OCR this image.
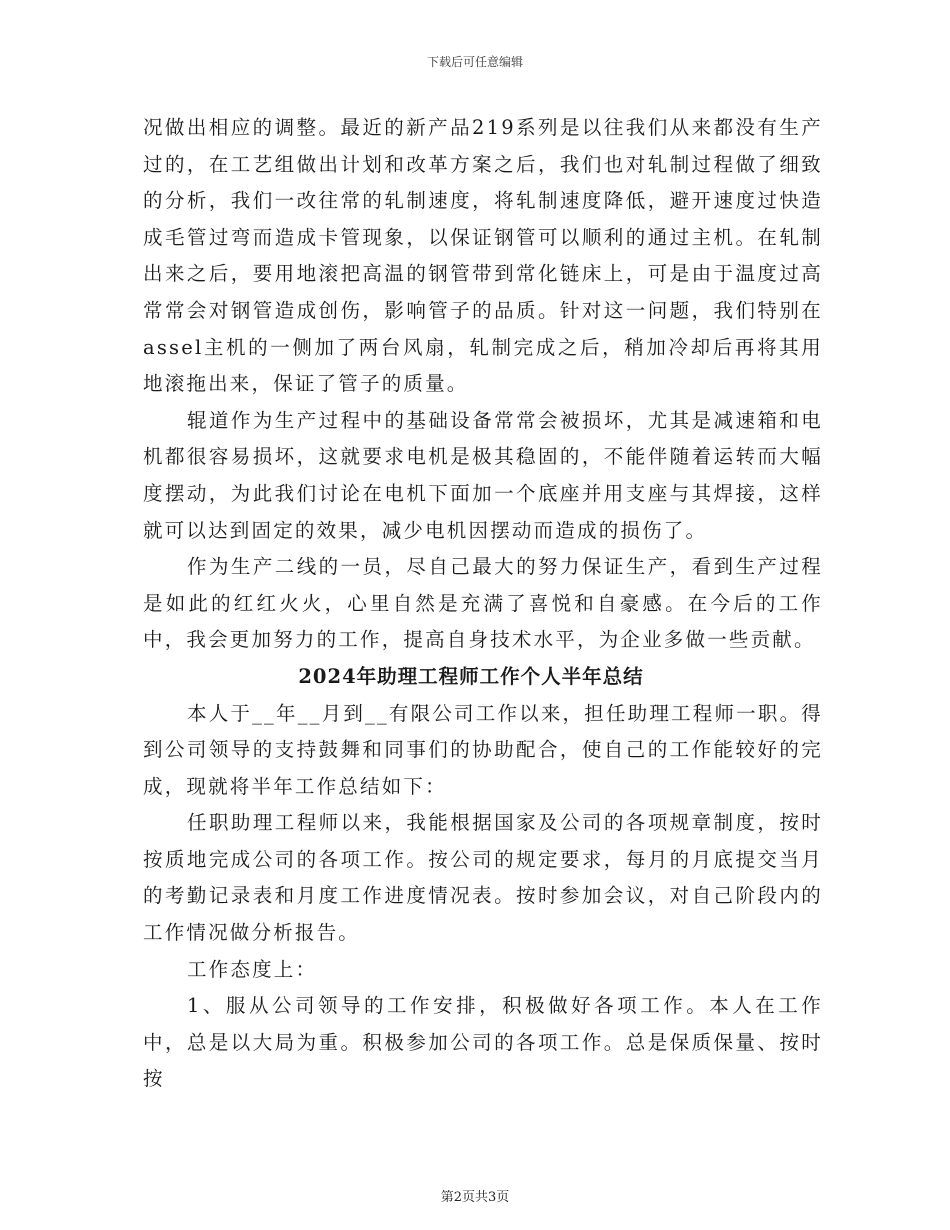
下载后可任意编辑

况做出相应的调整。最近的新产品219系列是以往我们从来都没有生产过的，在工艺组做出计划和改革方案之后，我们也对轧制过程做了细致的分析，我们一改往常的轧制速度，将轧制速度降低，避开速度过快造成毛管过弯而造成卡管现象，以保证钢管可以顺利的通过主机。在轧制出来之后，要用地滚把高温的钢管带到常化链床上，可是由于温度过高常常会对钢管造成创伤，影响管子的品质。针对这一问题，我们特别在assel主机的一侧加了两台风扇，轧制完成之后，稍加冷却后再将其用地滚拖出来，保证了管子的质量。

辊道作为生产过程中的基础设备常常会被损坏，尤其是减速箱和电机都很容易损坏，这就要求电机是极其稳固的，不能伴随着运转而大幅度摆动，为此我们讨论在电机下面加一个底座并用支座与其焊接，这样就可以达到固定的效果，减少电机因摆动而造成的损伤了。

作为生产二线的一员，尽自己最大的努力保证生产，看到生产过程是如此的红红火火，心里自然是充满了喜悦和自豪感。在今后的工作中，我会更加努力的工作，提高自身技术水平，为企业多做一些贡献。

2024年助理工程师工作个人半年总结

本人于__年__月到__有限公司工作以来，担任助理工程师一职。得到公司领导的支持鼓舞和同事们的协助配合，使自己的工作能较好的完成，现就将半年工作总结如下：

任职助理工程师以来，我能根据国家及公司的各项规章制度，按时按质地完成公司的各项工作。按公司的规定要求，每月的月底提交当月的考勤记录表和月度工作进度情况表。按时参加会议，对自己阶段内的工作情况做分析报告。

工作态度上：

1、服从公司领导的工作安排，积极做好各项工作。本人在工作中，总是以大局为重。积极参加公司的各项工作。总是保质保量、按时按

第2页共3页
